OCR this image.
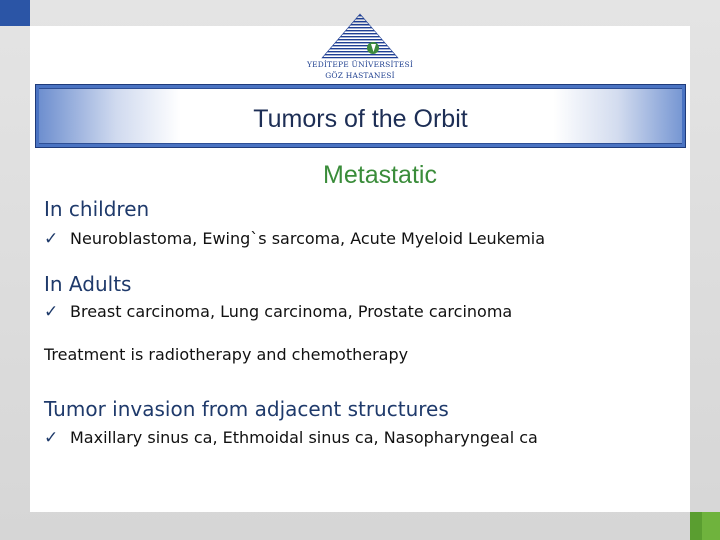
YEDİTEPE ÜNİVERSİTESİ
GÖZ HASTANESİ
Tumors of the Orbit
Metastatic
In children
✓ Neuroblastoma, Ewing`s sarcoma, Acute Myeloid Leukemia
In Adults
✓ Breast carcinoma, Lung carcinoma, Prostate carcinoma
Treatment is radiotherapy and chemotherapy
Tumor invasion from adjacent structures
✓ Maxillary sinus ca, Ethmoidal sinus ca, Nasopharyngeal ca
